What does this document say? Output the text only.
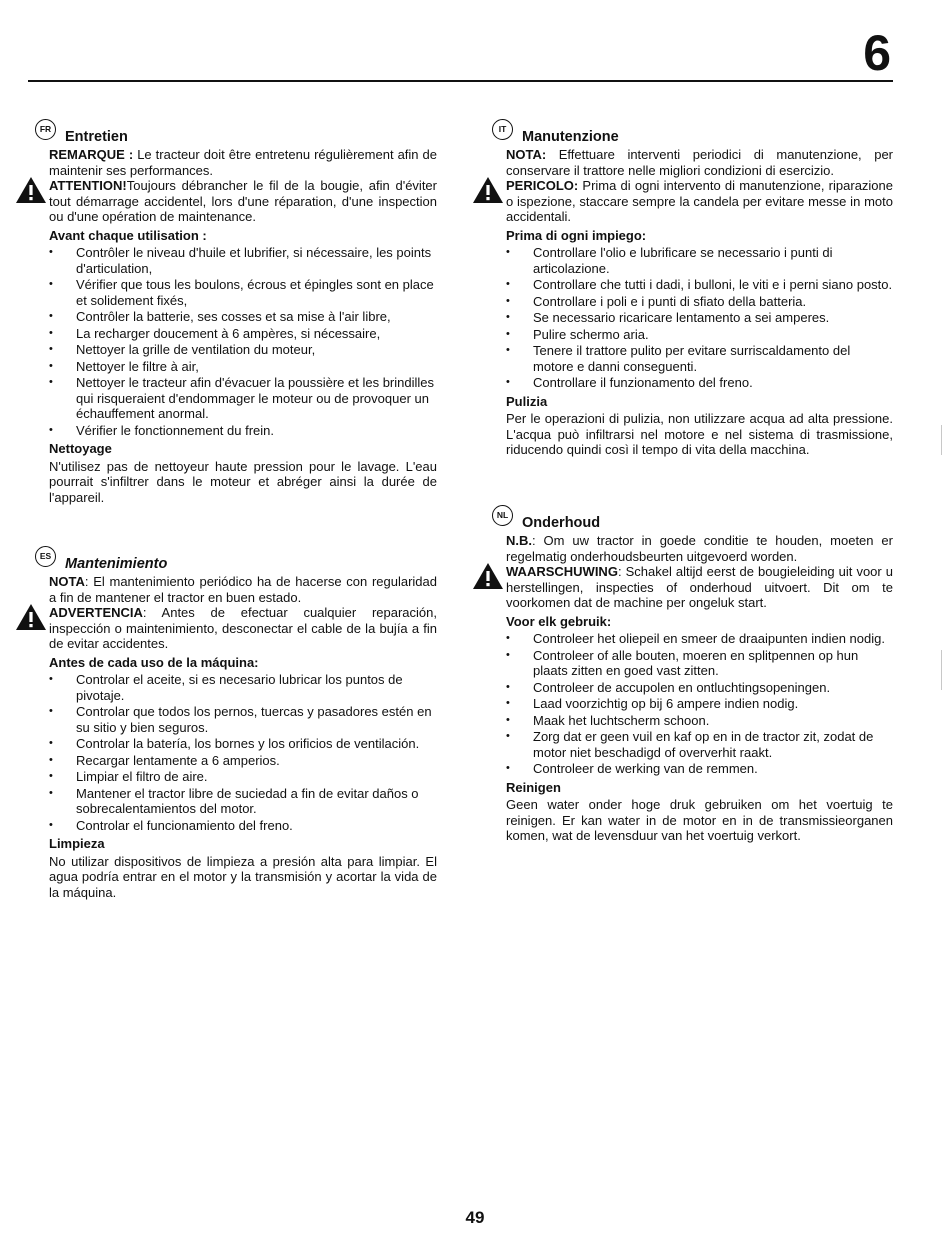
6
FR Entretien

REMARQUE : Le tracteur doit être entretenu régulièrement afin de maintenir ses performances.

ATTENTION!Toujours débrancher le fil de la bougie, afin d'éviter tout démarrage accidentel, lors d'une réparation, d'une inspection ou d'une opération de maintenance.

Avant chaque utilisation :
• Contrôler le niveau d'huile et lubrifier, si nécessaire, les points d'articulation,
• Vérifier que tous les boulons, écrous et épingles sont en place et solidement fixés,
• Contrôler la batterie, ses cosses et sa mise à l'air libre,
• La recharger doucement à 6 ampères, si nécessaire,
• Nettoyer la grille de ventilation du moteur,
• Nettoyer le filtre à air,
• Nettoyer le tracteur afin d'évacuer la poussière et les brindilles qui risqueraient d'endommager le moteur ou de provoquer un échauffement anormal.
• Vérifier le fonctionnement du frein.
Nettoyage

N'utilisez pas de nettoyeur haute pression pour le lavage. L'eau pourrait s'infiltrer dans le moteur et abréger ainsi la durée de l'appareil.

ES Mantenimiento

NOTA: El mantenimiento periódico ha de hacerse con regularidad a fin de mantener el tractor en buen estado.

ADVERTENCIA: Antes de efectuar cualquier reparación, inspección o maintenimiento, desconectar el cable de la bujía a fin de evitar accidentes.

Antes de cada uso de la máquina:
• Controlar el aceite, si es necesario lubricar los puntos de pivotaje.
• Controlar que todos los pernos, tuercas y pasadores estén en su sitio y bien seguros.
• Controlar la batería, los bornes y los orificios de ventilación.
• Recargar lentamente a 6 amperios.
• Limpiar el filtro de aire.
• Mantener el tractor libre de suciedad a fin de evitar daños o sobrecalentamientos del motor.
• Controlar el funcionamiento del freno.
Limpieza

No utilizar dispositivos de limpieza a presión alta para limpiar. El agua podría entrar en el motor y la transmisión y acortar la vida de la máquina.

IT	Manutenzione

NOTA: Effettuare interventi periodici di manutenzione, per conservare il trattore nelle migliori condizioni di esercizio.

PERICOLO: Prima di ogni intervento di manutenzione, riparazione o ispezione, staccare sempre la candela per evitare messe in moto accidentali.

Prima di ogni impiego:
• Controllare l'olio e lubrificare se necessario i punti di articolazione.
• Controllare che tutti i dadi, i bulloni, le viti e i perni siano posto.
• Controllare i poli e i punti di sfiato della batteria.
• Se necessario ricaricare lentamento a sei amperes.
• Pulire schermo aria.
• Tenere il trattore pulito per evitare surriscaldamento del motore e danni conseguenti.
• Controllare il funzionamento del freno.
Pulizia

Per le operazioni di pulizia, non utilizzare acqua ad alta pressione. L'acqua può infiltrarsi nel motore e nel sistema di trasmissione, riducendo quindi così il tempo di vita della macchina.

NL Onderhoud

N.B.: Om uw tractor in goede conditie te houden, moeten er regelmatig onderhoudsbeurten uitgevoerd worden.

WAARSCHUWING: Schakel altijd eerst de bougieleiding uit voor u herstellingen, inspecties of onderhoud uitvoert. Dit om te voorkomen dat de machine per ongeluk start.

Voor elk gebruik:
• Controleer het oliepeil en smeer de draaipunten indien nodig.
• Controleer of alle bouten, moeren en splitpennen op hun plaats zitten en goed vast zitten.
• Controleer de accupolen en ontluchtingsopeningen.
• Laad voorzichtig op bij 6 ampere indien nodig.
• Maak het luchtscherm schoon.
• Zorg dat er geen vuil en kaf op en in de tractor zit, zodat de motor niet beschadigd of oververhit raakt.
• Controleer de werking van de remmen.
Reinigen

Geen water onder hoge druk gebruiken om het voertuig te reinigen. Er kan water in de motor en in de transmissieorganen komen, wat de levensduur van het voertuig verkort.

49
